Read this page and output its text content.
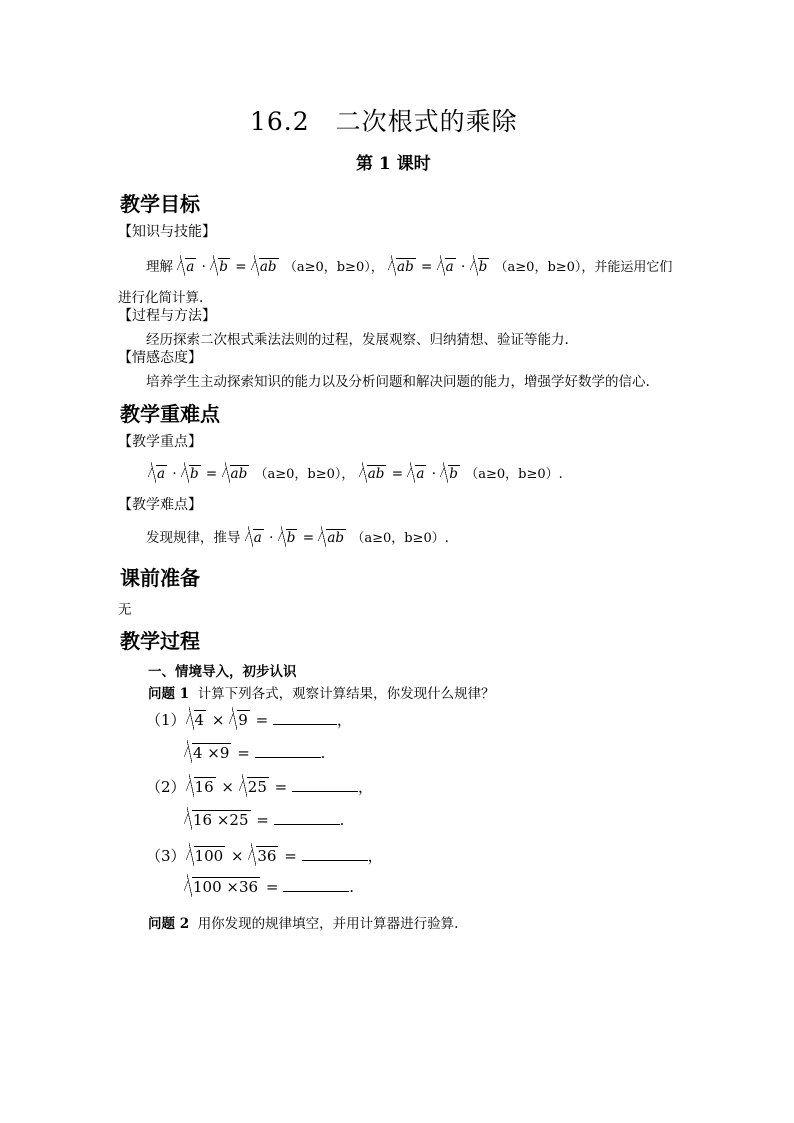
16.2　二次根式的乘除
第 1 课时
教学目标
【知识与技能】
理解 a · b = ab （a≥0，b≥0）， ab = a · b （a≥0，b≥0），并能运用它们
进行化简计算.
【过程与方法】
经历探索二次根式乘法法则的过程，发展观察、归纳猜想、验证等能力.
【情感态度】
培养学生主动探索知识的能力以及分析问题和解决问题的能力，增强学好数学的信心.
教学重难点
【教学重点】
a · b = ab （a≥0，b≥0）， ab = a · b （a≥0，b≥0）.
【教学难点】
发现规律，推导 a · b = ab （a≥0，b≥0）.
课前准备
无
教学过程
一、情境导入，初步认识
问题 1 计算下列各式，观察计算结果，你发现什么规律？
（1） 4 × 9 =	，
4 ×9 =	.
（2） 16 × 25 =	，
16 ×25 =	.
（3） 100 × 36 =	，
100 ×36 =	.
问题 2 用你发现的规律填空，并用计算器进行验算.
